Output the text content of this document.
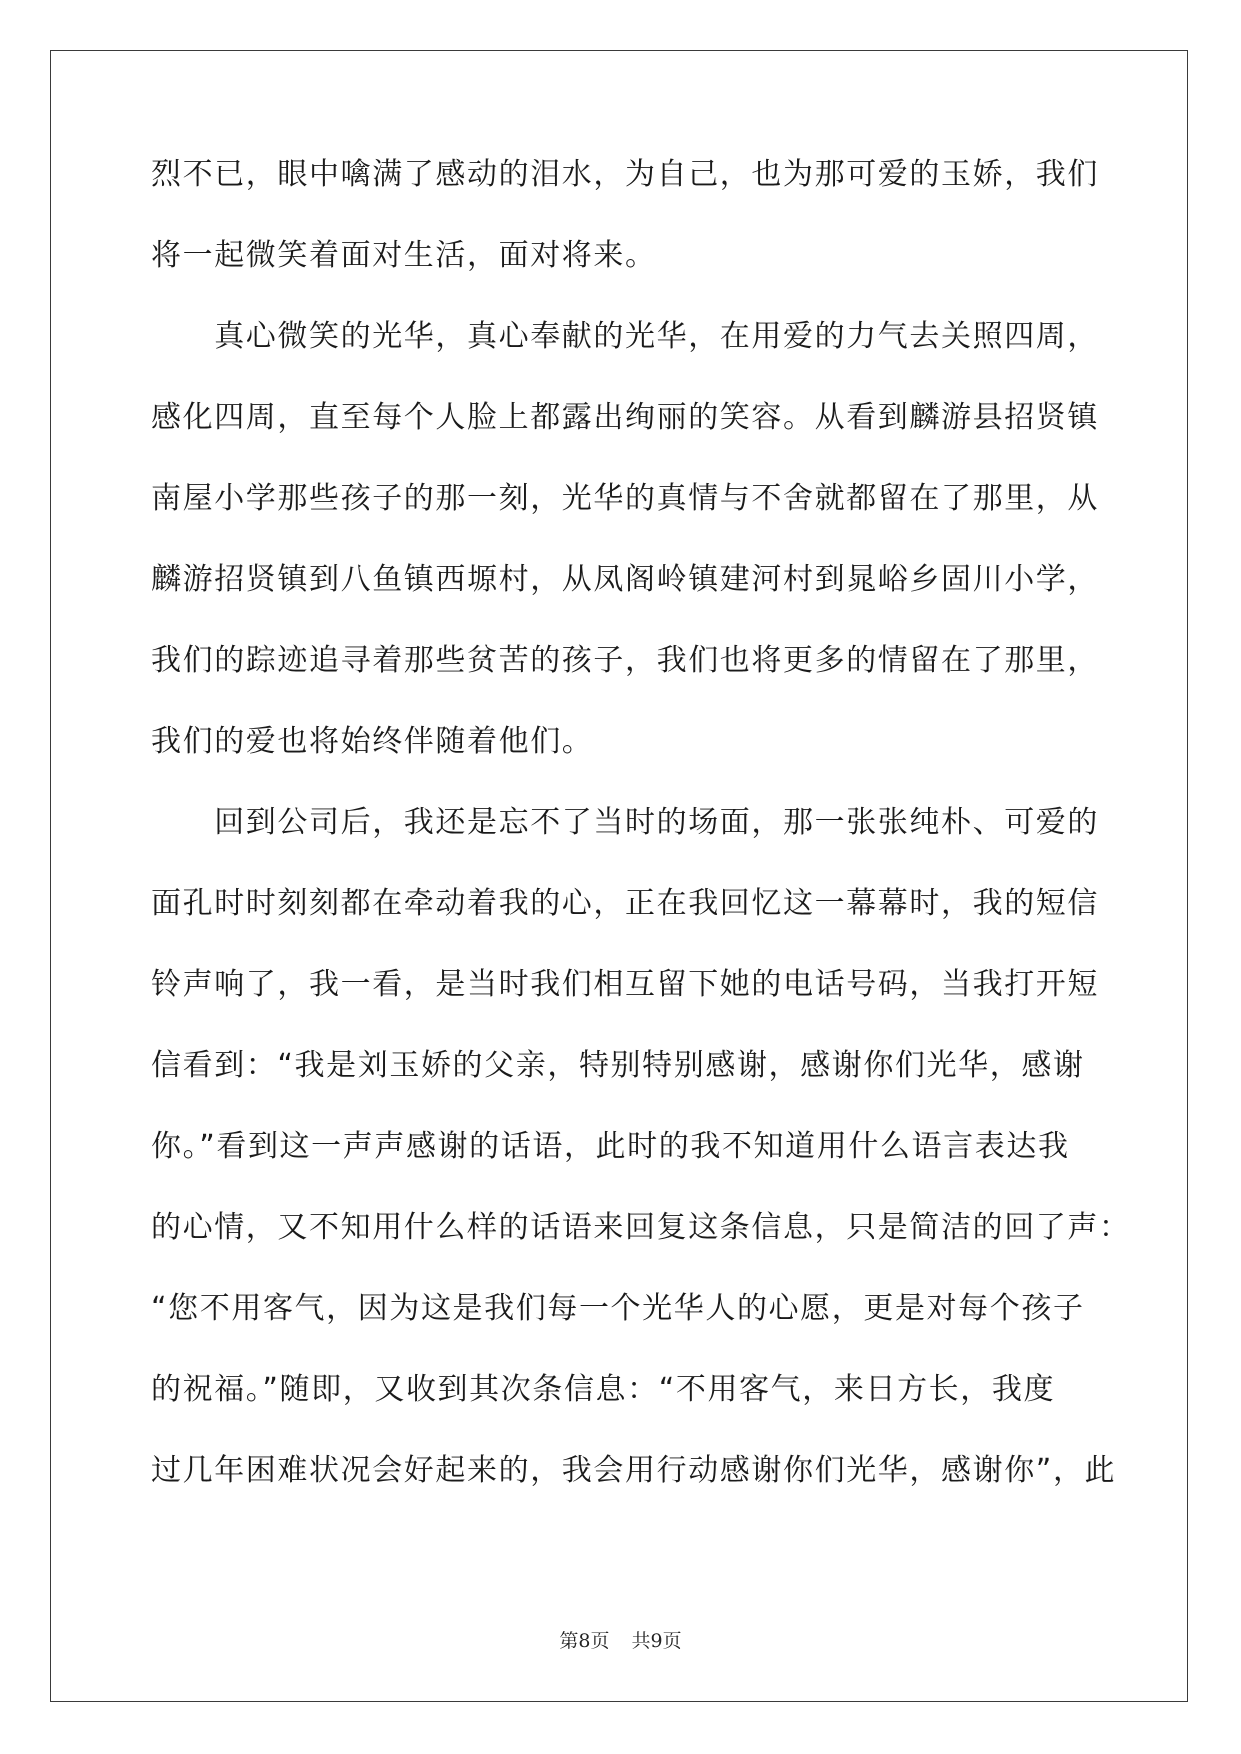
烈不已，眼中噙满了感动的泪水，为自己，也为那可爱的玉娇，我们
将一起微笑着面对生活，面对将来。
　　真心微笑的光华，真心奉献的光华，在用爱的力气去关照四周，
感化四周，直至每个人脸上都露出绚丽的笑容。从看到麟游县招贤镇
南屋小学那些孩子的那一刻，光华的真情与不舍就都留在了那里，从
麟游招贤镇到八鱼镇西塬村，从凤阁岭镇建河村到晁峪乡固川小学，
我们的踪迹追寻着那些贫苦的孩子，我们也将更多的情留在了那里，
我们的爱也将始终伴随着他们。
　　回到公司后，我还是忘不了当时的场面，那一张张纯朴、可爱的
面孔时时刻刻都在牵动着我的心，正在我回忆这一幕幕时，我的短信
铃声响了，我一看，是当时我们相互留下她的电话号码，当我打开短
信看到：“我是刘玉娇的父亲，特别特别感谢，感谢你们光华，感谢
你。”看到这一声声感谢的话语，此时的我不知道用什么语言表达我
的心情，又不知用什么样的话语来回复这条信息，只是简洁的回了声：
“您不用客气，因为这是我们每一个光华人的心愿，更是对每个孩子
的祝福。”随即，又收到其次条信息：“不用客气，来日方长，我度
过几年困难状况会好起来的，我会用行动感谢你们光华，感谢你”，此
第8页 共9页
